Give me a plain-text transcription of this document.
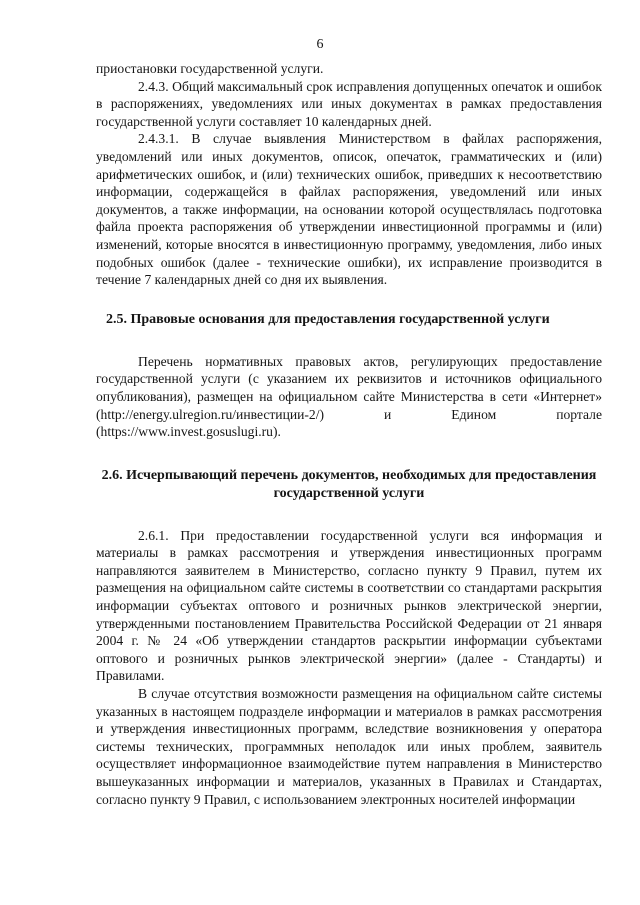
6

приостановки государственной услуги.

2.4.3. Общий максимальный срок исправления допущенных опечаток и ошибок в распоряжениях, уведомлениях или иных документах в рамках предоставления государственной услуги составляет 10 календарных дней.

2.4.3.1. В случае выявления Министерством в файлах распоряжения, уведомлений или иных документов, описок, опечаток, грамматических и (или) арифметических ошибок, и (или) технических ошибок, приведших к несоответствию информации, содержащейся в файлах распоряжения, уведомлений или иных документов, а также информации, на основании которой осуществлялась подготовка файла проекта распоряжения об утверждении инвестиционной программы и (или) изменений, которые вносятся в инвестиционную программу, уведомления, либо иных подобных ошибок (далее - технические ошибки), их исправление производится в течение 7 календарных дней со дня их выявления.

2.5. Правовые основания для предоставления государственной услуги

Перечень нормативных правовых актов, регулирующих предоставление государственной услуги (с указанием их реквизитов и источников официального опубликования), размещен на официальном сайте Министерства в сети «Интернет» (http://energy.ulregion.ru/инвестиции-2/) и Едином портале (https://www.invest.gosuslugi.ru).

2.6. Исчерпывающий перечень документов, необходимых для предоставления государственной услуги

2.6.1. При предоставлении государственной услуги вся информация и материалы в рамках рассмотрения и утверждения инвестиционных программ направляются заявителем в Министерство, согласно пункту 9 Правил, путем их размещения на официальном сайте системы в соответствии со стандартами раскрытия информации субъектах оптового и розничных рынков электрической энергии, утвержденными постановлением Правительства Российской Федерации от 21 января 2004 г. № 24 «Об утверждении стандартов раскрытии информации субъектами оптового и розничных рынков электрической энергии» (далее - Стандарты) и Правилами.

В случае отсутствия возможности размещения на официальном сайте системы указанных в настоящем подразделе информации и материалов в рамках рассмотрения и утверждения инвестиционных программ, вследствие возникновения у оператора системы технических, программных неполадок или иных проблем, заявитель осуществляет информационное взаимодействие путем направления в Министерство вышеуказанных информации и материалов, указанных в Правилах и Стандартах, согласно пункту 9 Правил, с использованием электронных носителей информации
